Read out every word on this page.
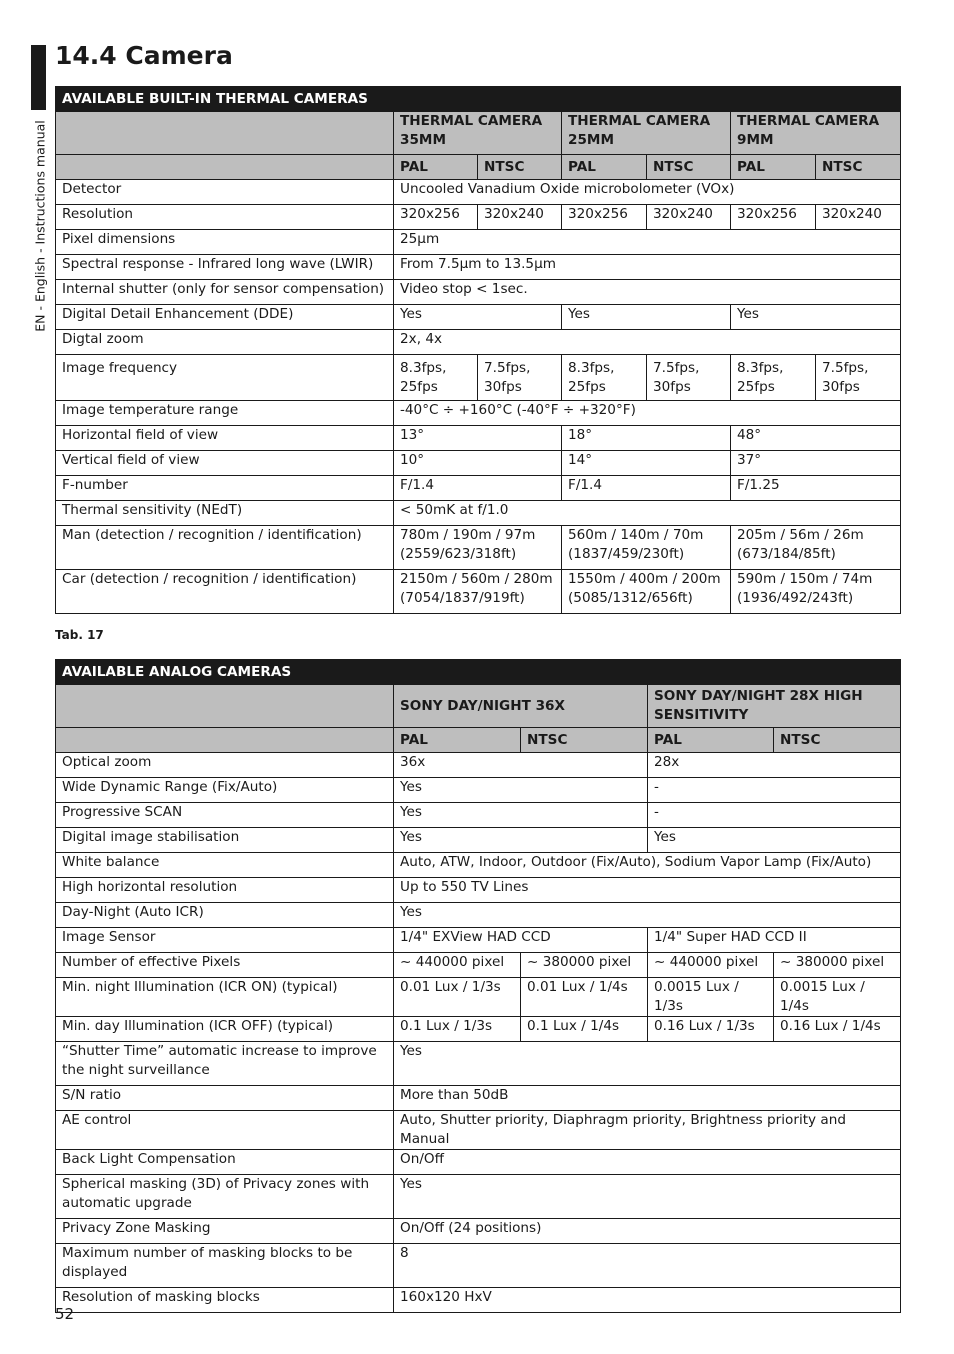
EN - English - Instructions manual
14.4 Camera
AVAILABLE BUILT-IN THERMAL CAMERAS						
	THERMAL CAMERA 35MM		THERMAL CAMERA 25MM		THERMAL CAMERA 9MM	
	PAL	NTSC	PAL	NTSC	PAL	NTSC
Detector	Uncooled Vanadium Oxide microbolometer (VOx)					
Resolution	320x256	320x240	320x256	320x240	320x256	320x240
Pixel dimensions	25µm					
Spectral response - Infrared long wave (LWIR)	From 7.5µm to 13.5µm					
Internal shutter (only for sensor compensation)	Video stop < 1sec.					
Digital Detail Enhancement (DDE)	Yes		Yes		Yes	
Digtal zoom	2x, 4x					
Image frequency	8.3fps, 25fps	7.5fps, 30fps	8.3fps, 25fps	7.5fps, 30fps	8.3fps, 25fps	7.5fps, 30fps
Image temperature range	-40°C ÷ +160°C (-40°F ÷ +320°F)					
Horizontal field of view	13°		18°		48°	
Vertical field of view	10°		14°		37°	
F-number	F/1.4		F/1.4		F/1.25	
Thermal sensitivity (NEdT)	< 50mK at f/1.0					
Man (detection / recognition / identification)	780m / 190m / 97m (2559/623/318ft)		560m / 140m / 70m (1837/459/230ft)		205m / 56m / 26m (673/184/85ft)	
Car (detection / recognition / identification)	2150m / 560m / 280m (7054/1837/919ft)		1550m / 400m / 200m (5085/1312/656ft)		590m / 150m / 74m (1936/492/243ft)	
Tab. 17
AVAILABLE ANALOG CAMERAS				
	SONY DAY/NIGHT 36X		SONY DAY/NIGHT 28X HIGH SENSITIVITY	
	PAL	NTSC	PAL	NTSC
Optical zoom	36x		28x	
Wide Dynamic Range (Fix/Auto)	Yes		-	
Progressive SCAN	Yes		-	
Digital image stabilisation	Yes		Yes	
White balance	Auto, ATW, Indoor, Outdoor (Fix/Auto), Sodium Vapor Lamp (Fix/Auto)			
High horizontal resolution	Up to 550 TV Lines			
Day-Night (Auto ICR)	Yes			
Image Sensor	1/4" EXView HAD CCD		1/4" Super HAD CCD II	
Number of effective Pixels	~ 440000 pixel	~ 380000 pixel	~ 440000 pixel	~ 380000 pixel
Min. night Illumination (ICR ON) (typical)	0.01 Lux / 1/3s	0.01 Lux / 1/4s	0.0015 Lux / 1/3s	0.0015 Lux / 1/4s
Min. day Illumination (ICR OFF) (typical)	0.1 Lux / 1/3s	0.1 Lux / 1/4s	0.16 Lux / 1/3s	0.16 Lux / 1/4s
“Shutter Time” automatic increase to improve the night surveillance	Yes			
S/N ratio	More than 50dB			
AE control	Auto, Shutter priority, Diaphragm priority, Brightness priority and Manual			
Back Light Compensation	On/Off			
Spherical masking (3D) of Privacy zones with automatic upgrade	Yes			
Privacy Zone Masking	On/Off (24 positions)			
Maximum number of masking blocks to be displayed	8			
Resolution of masking blocks	160x120 HxV			
52
